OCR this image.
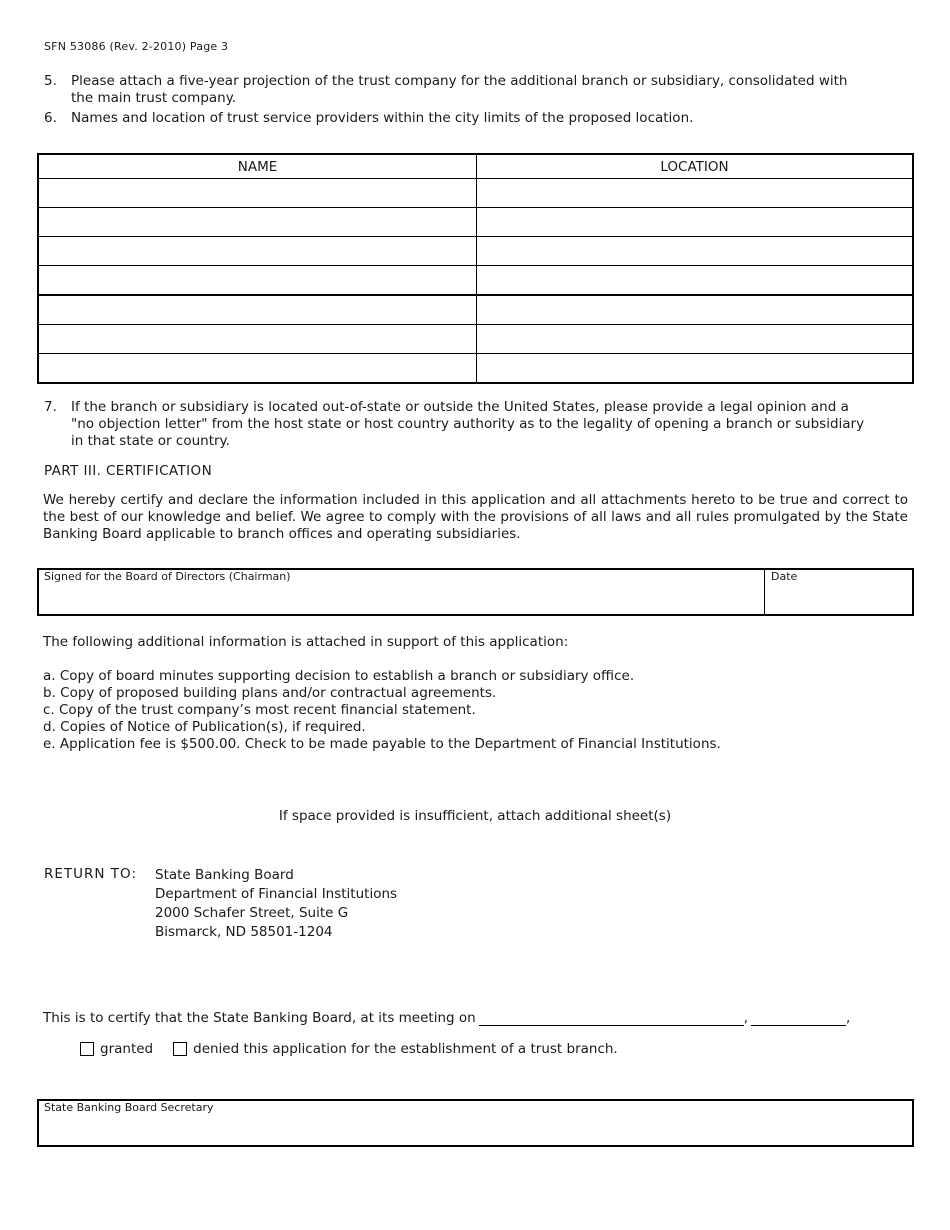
SFN 53086 (Rev. 2-2010) Page 3
5.	Please attach a five-year projection of the trust company for the additional branch or subsidiary, consolidated with the main trust company.
6.	Names and location of trust service providers within the city limits of the proposed location.
NAME	LOCATION

7.	If the branch or subsidiary is located out-of-state or outside the United States, please provide a legal opinion and a "no objection letter" from the host state or host country authority as to the legality of opening a branch or subsidiary in that state or country.
PART III. CERTIFICATION
We hereby certify and declare the information included in this application and all attachments hereto to be true and correct to the best of our knowledge and belief. We agree to comply with the provisions of all laws and all rules promulgated by the State Banking Board applicable to branch offices and operating subsidiaries.
Signed for the Board of Directors (Chairman)	Date
The following additional information is attached in support of this application:
a. Copy of board minutes supporting decision to establish a branch or subsidiary office.
b. Copy of proposed building plans and/or contractual agreements.
c. Copy of the trust company’s most recent financial statement.
d. Copies of Notice of Publication(s), if required.
e. Application fee is $500.00. Check to be made payable to the Department of Financial Institutions.
If space provided is insufficient, attach additional sheet(s)
RETURN TO: State Banking Board
Department of Financial Institutions
2000 Schafer Street, Suite G
Bismarck, ND 58501-1204
This is to certify that the State Banking Board, at its meeting on	,	,
granted	denied this application for the establishment of a trust branch.
State Banking Board Secretary
